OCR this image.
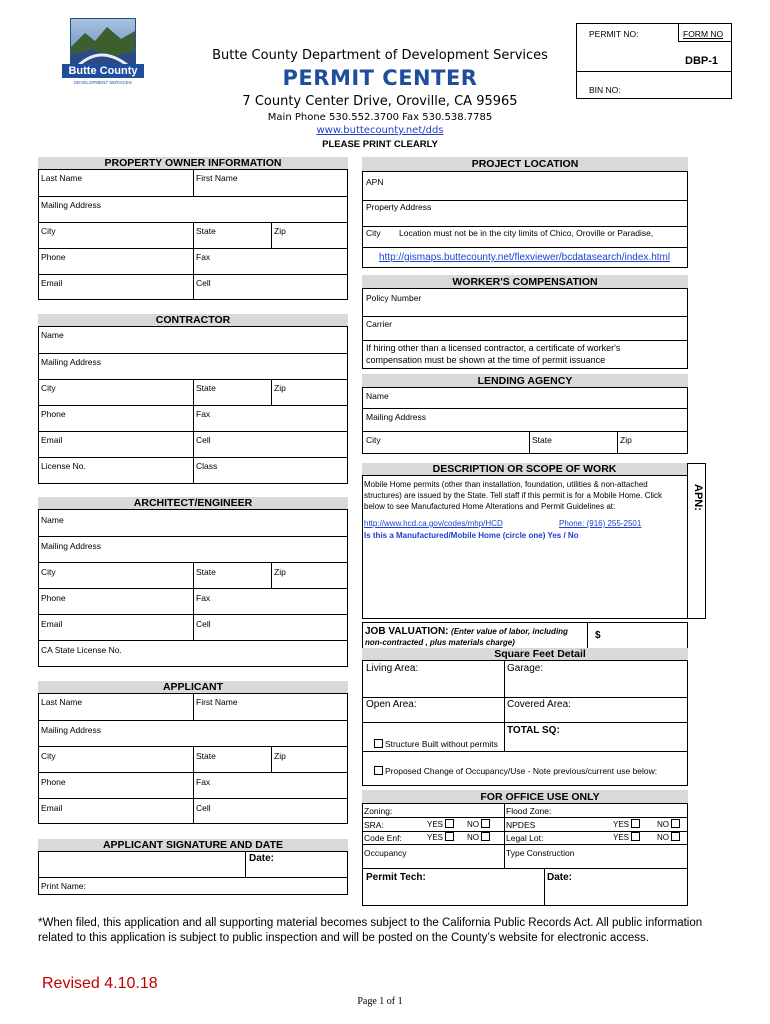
Butte County
DEVELOPMENT SERVICES
Butte County Department of Development Services
PERMIT CENTER
7 County Center Drive, Oroville, CA 95965
Main Phone 530.552.3700 Fax 530.538.7785
www.buttecounty.net/dds
PLEASE PRINT CLEARLY
PERMIT NO:	FORM NO
DBP-1
BIN NO:
PROPERTY OWNER INFORMATION
Last Name	First Name
Mailing Address
City	State	Zip
Phone	Fax
Email	Cell
CONTRACTOR
Name
Mailing Address
City	State	Zip
Phone	Fax
Email	Cell
License No.	Class
ARCHITECT/ENGINEER
Name
Mailing Address
City	State	Zip
Phone	Fax
Email	Cell
CA State License No.
APPLICANT
Last Name	First Name
Mailing Address
City	State	Zip
Phone	Fax
Email	Cell
APPLICANT SIGNATURE AND DATE
Date:
Print Name:
PROJECT LOCATION
APN
Property Address
City Location must not be in the city limits of Chico, Oroville or Paradise,
http://gismaps.buttecounty.net/flexviewer/bcdatasearch/index.html
WORKER'S COMPENSATION
Policy Number
Carrier
If hiring other than a licensed contractor, a certificate of worker's
compensation must be shown at the time of permit issuance
LENDING AGENCY
Name
Mailing Address
City	State	Zip
DESCRIPTION OR SCOPE OF WORK
Mobile Home permits (other than installation, foundation, utilities & non-attached
structures) are issued by the State. Tell staff if this permit is for a Mobile Home. Click
below to see Manufactured Home Alterations and Permit Guidelines at:
http://www.hcd.ca.gov/codes/mhp/HCD	Phone: (916) 255-2501
Is this a Manufactured/Mobile Home (circle one) Yes / No
APN:
JOB VALUATION: (Enter value of labor, including
non-contracted , plus materials charge)
$
Square Feet Detail
Living Area:	Garage:
Open Area:	Covered Area:
TOTAL SQ:
Structure Built without permits
Proposed Change of Occupancy/Use - Note previous/current use below:
FOR OFFICE USE ONLY
Zoning:	Flood Zone:
SRA:	YES	NO	NPDES	YES	NO
Code Enf:	YES	NO	Legal Lot:	YES	NO
Occupancy	Type Construction
Permit Tech:	Date:
*When filed, this application and all supporting material becomes subject to the California Public Records Act. All public information
related to this application is subject to public inspection and will be posted on the County’s website for electronic access.
Revised 4.10.18
Page 1 of 1
